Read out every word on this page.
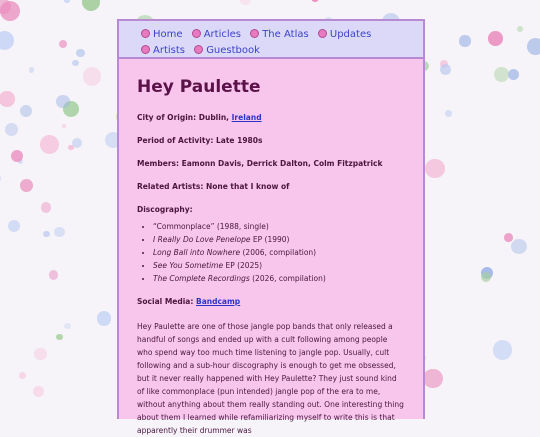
Home Articles The Atlas Updates
Artists Guestbook
Hey Paulette
City of Origin: Dublin, Ireland
Period of Activity: Late 1980s
Members: Eamonn Davis, Derrick Dalton, Colm Fitzpatrick
Related Artists: None that I know of
Discography:
• “Commonplace” (1988, single)
• I Really Do Love Penelope EP (1990)
• Long Ball into Nowhere (2006, compilation)
• See You Sometime EP (2025)
• The Complete Recordings (2026, compilation)
Social Media: Bandcamp

Hey Paulette are one of those jangle pop bands that only released a handful of songs and ended up with a cult following among people who spend way too much time listening to jangle pop. Usually, cult following and a sub-hour discography is enough to get me obsessed, but it never really happened with Hey Paulette? They just sound kind of like commonplace (pun intended) jangle pop of the era to me, without anything about them really standing out. One interesting thing about them I learned while refamiliarizing myself to write this is that apparently their drummer was
